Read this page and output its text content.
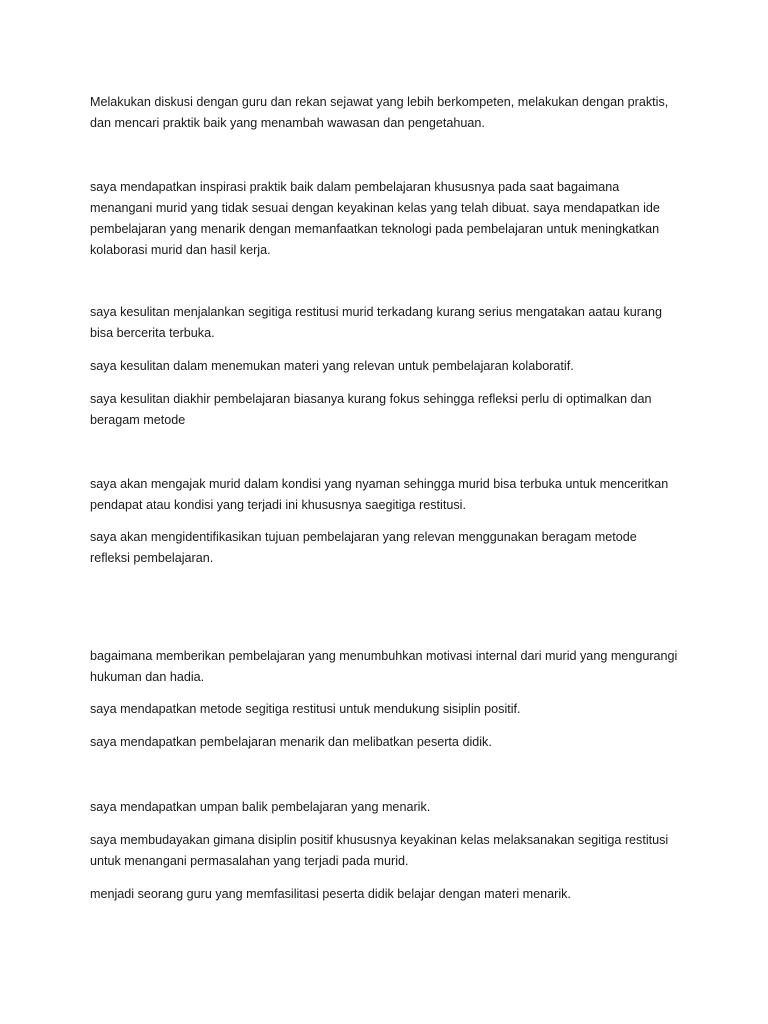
Melakukan diskusi dengan guru dan rekan sejawat yang lebih berkompeten, melakukan dengan praktis, dan mencari praktik baik yang menambah wawasan dan pengetahuan.

saya mendapatkan inspirasi praktik baik dalam pembelajaran khususnya pada saat bagaimana menangani murid yang tidak sesuai dengan keyakinan kelas yang telah dibuat. saya mendapatkan ide pembelajaran yang menarik dengan memanfaatkan teknologi pada pembelajaran untuk meningkatkan kolaborasi murid dan hasil kerja.

saya kesulitan menjalankan segitiga restitusi murid terkadang kurang serius mengatakan aatau kurang bisa bercerita terbuka.

saya kesulitan dalam menemukan materi yang relevan untuk pembelajaran kolaboratif.

saya kesulitan diakhir pembelajaran biasanya kurang fokus sehingga refleksi perlu di optimalkan dan beragam metode

saya akan mengajak murid dalam kondisi yang nyaman sehingga murid bisa terbuka untuk menceritkan pendapat atau kondisi yang terjadi ini khususnya saegitiga restitusi.

saya akan mengidentifikasikan tujuan pembelajaran yang relevan menggunakan beragam metode refleksi pembelajaran.

bagaimana memberikan pembelajaran yang menumbuhkan motivasi internal dari murid yang mengurangi hukuman dan hadia.

saya mendapatkan metode segitiga restitusi untuk mendukung sisiplin positif.

saya mendapatkan pembelajaran menarik dan melibatkan peserta didik.

saya mendapatkan umpan balik pembelajaran yang menarik.

saya membudayakan gimana disiplin positif khususnya keyakinan kelas melaksanakan segitiga restitusi untuk menangani permasalahan yang terjadi pada murid.

menjadi seorang guru yang memfasilitasi peserta didik belajar dengan materi menarik.
